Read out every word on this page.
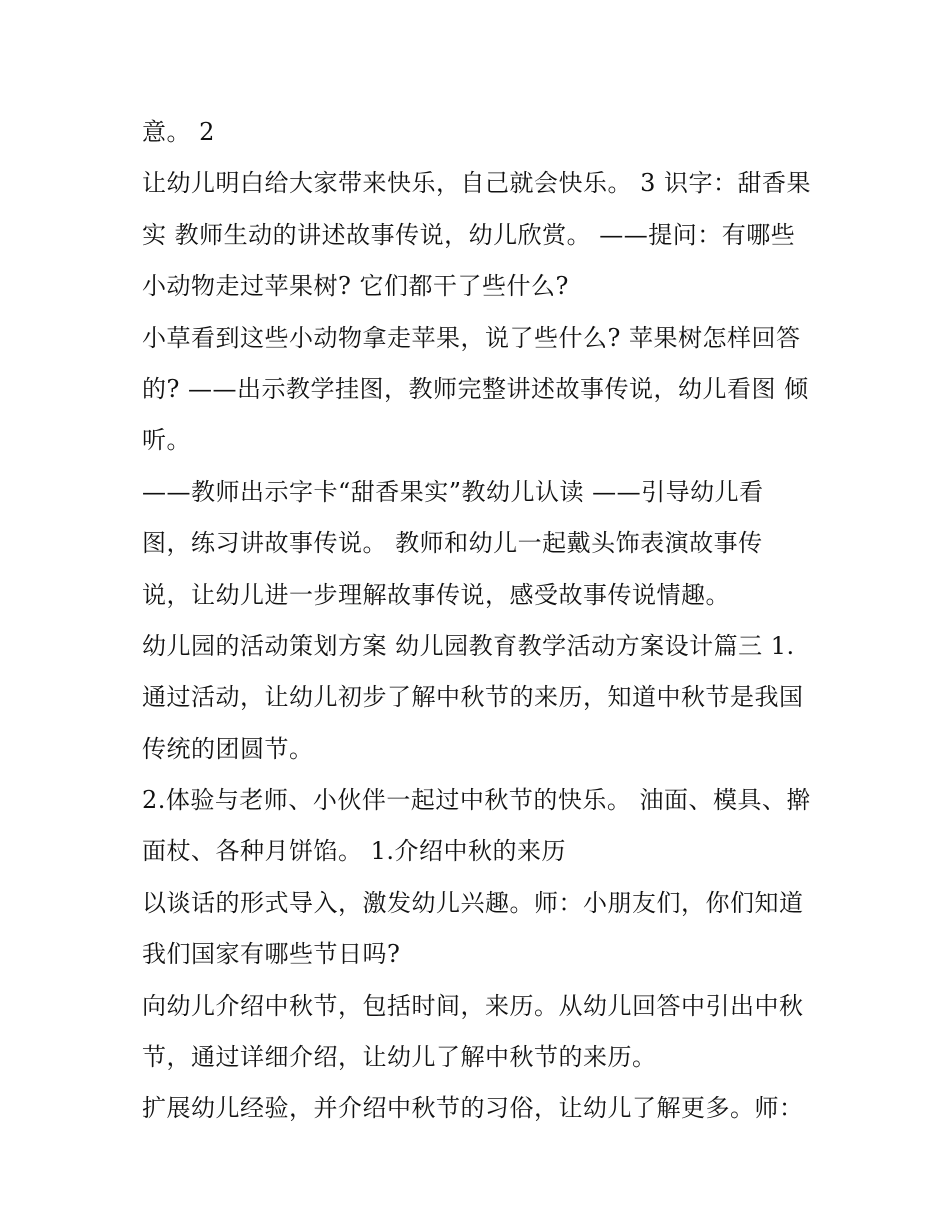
意。 2
让幼儿明白给大家带来快乐，自己就会快乐。 3 识字：甜香果
实 教师生动的讲述故事传说，幼儿欣赏。 ——提问：有哪些
小动物走过苹果树? 它们都干了些什么?
小草看到这些小动物拿走苹果，说了些什么? 苹果树怎样回答
的? ——出示教学挂图，教师完整讲述故事传说，幼儿看图 倾
听。
——教师出示字卡“甜香果实”教幼儿认读 ——引导幼儿看
图，练习讲故事传说。 教师和幼儿一起戴头饰表演故事传
说，让幼儿进一步理解故事传说，感受故事传说情趣。
幼儿园的活动策划方案 幼儿园教育教学活动方案设计篇三 1.
通过活动，让幼儿初步了解中秋节的来历，知道中秋节是我国
传统的团圆节。
2.体验与老师、小伙伴一起过中秋节的快乐。 油面、模具、擀
面杖、各种月饼馅。 1.介绍中秋的来历
以谈话的形式导入，激发幼儿兴趣。师：小朋友们，你们知道
我们国家有哪些节日吗?
向幼儿介绍中秋节，包括时间，来历。从幼儿回答中引出中秋
节，通过详细介绍，让幼儿了解中秋节的来历。
扩展幼儿经验，并介绍中秋节的习俗，让幼儿了解更多。师：
